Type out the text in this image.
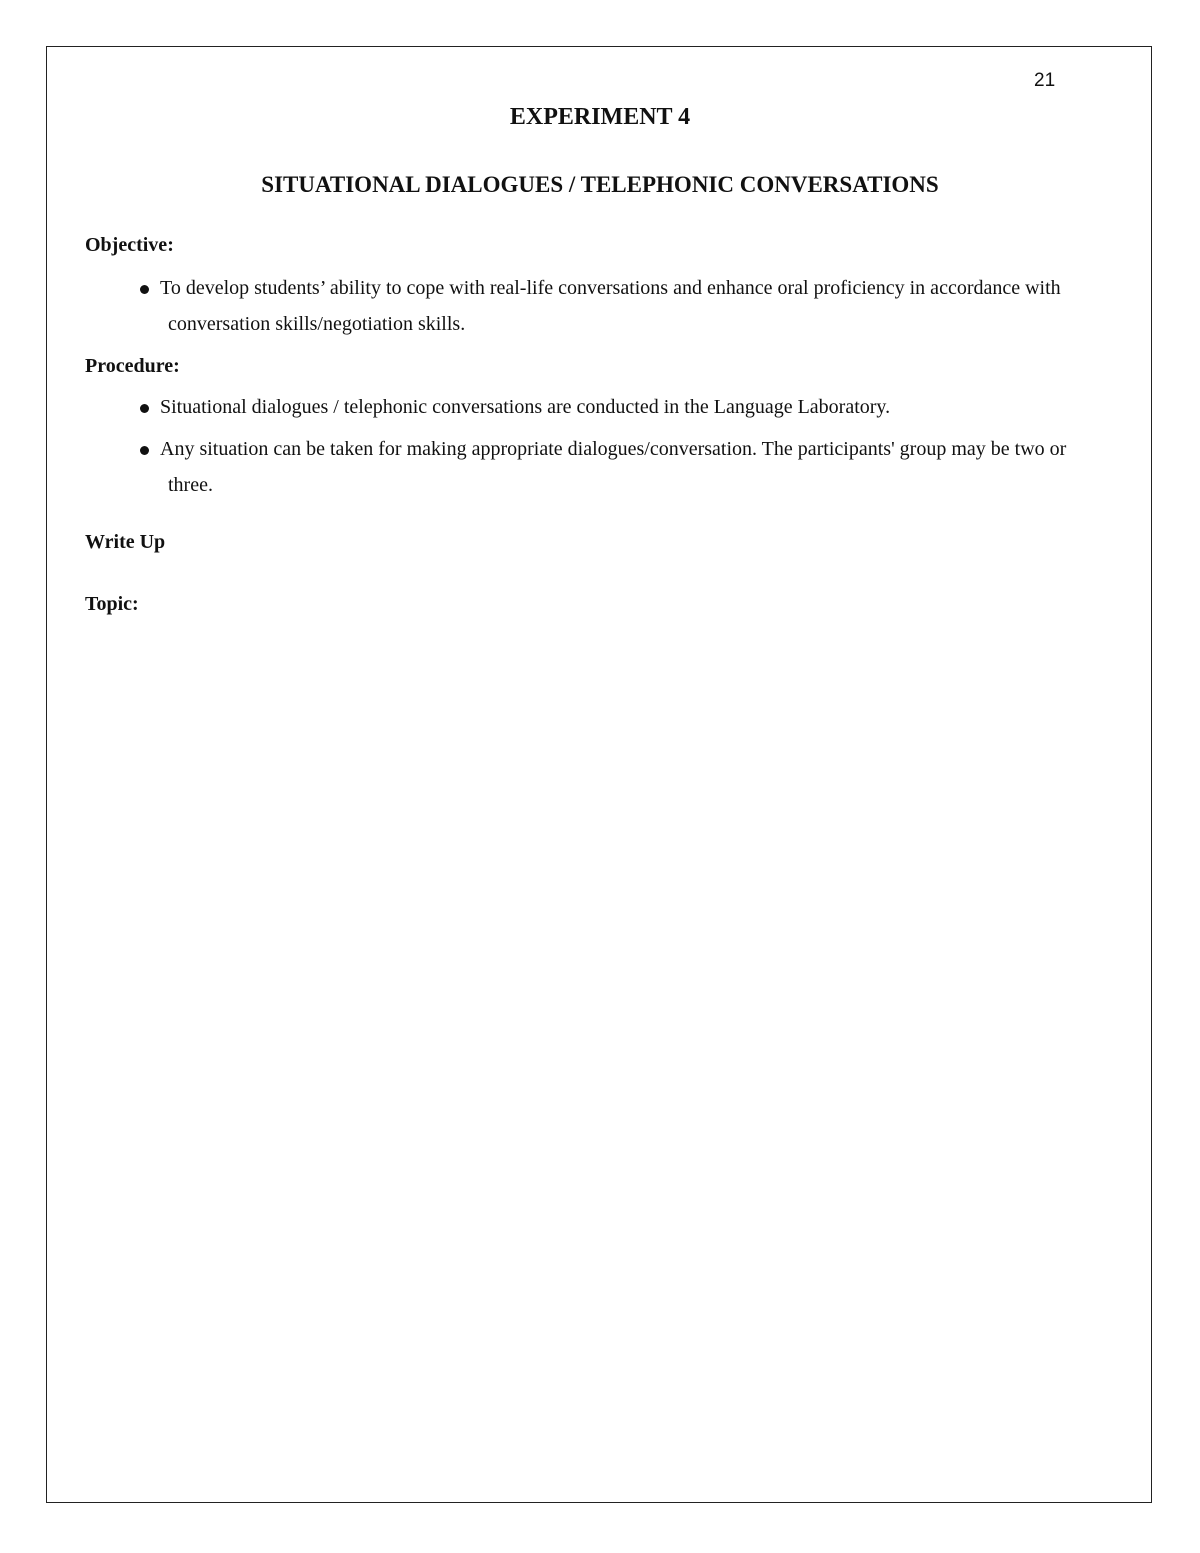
21
EXPERIMENT 4
SITUATIONAL DIALOGUES / TELEPHONIC CONVERSATIONS
Objective:
To develop students’ ability to cope with real-life conversations and enhance oral proficiency in accordance with conversation skills/negotiation skills.
Procedure:
Situational dialogues / telephonic conversations are conducted in the Language Laboratory.
Any situation can be taken for making appropriate dialogues/conversation. The participants' group may be two or three.
Write Up
Topic:
